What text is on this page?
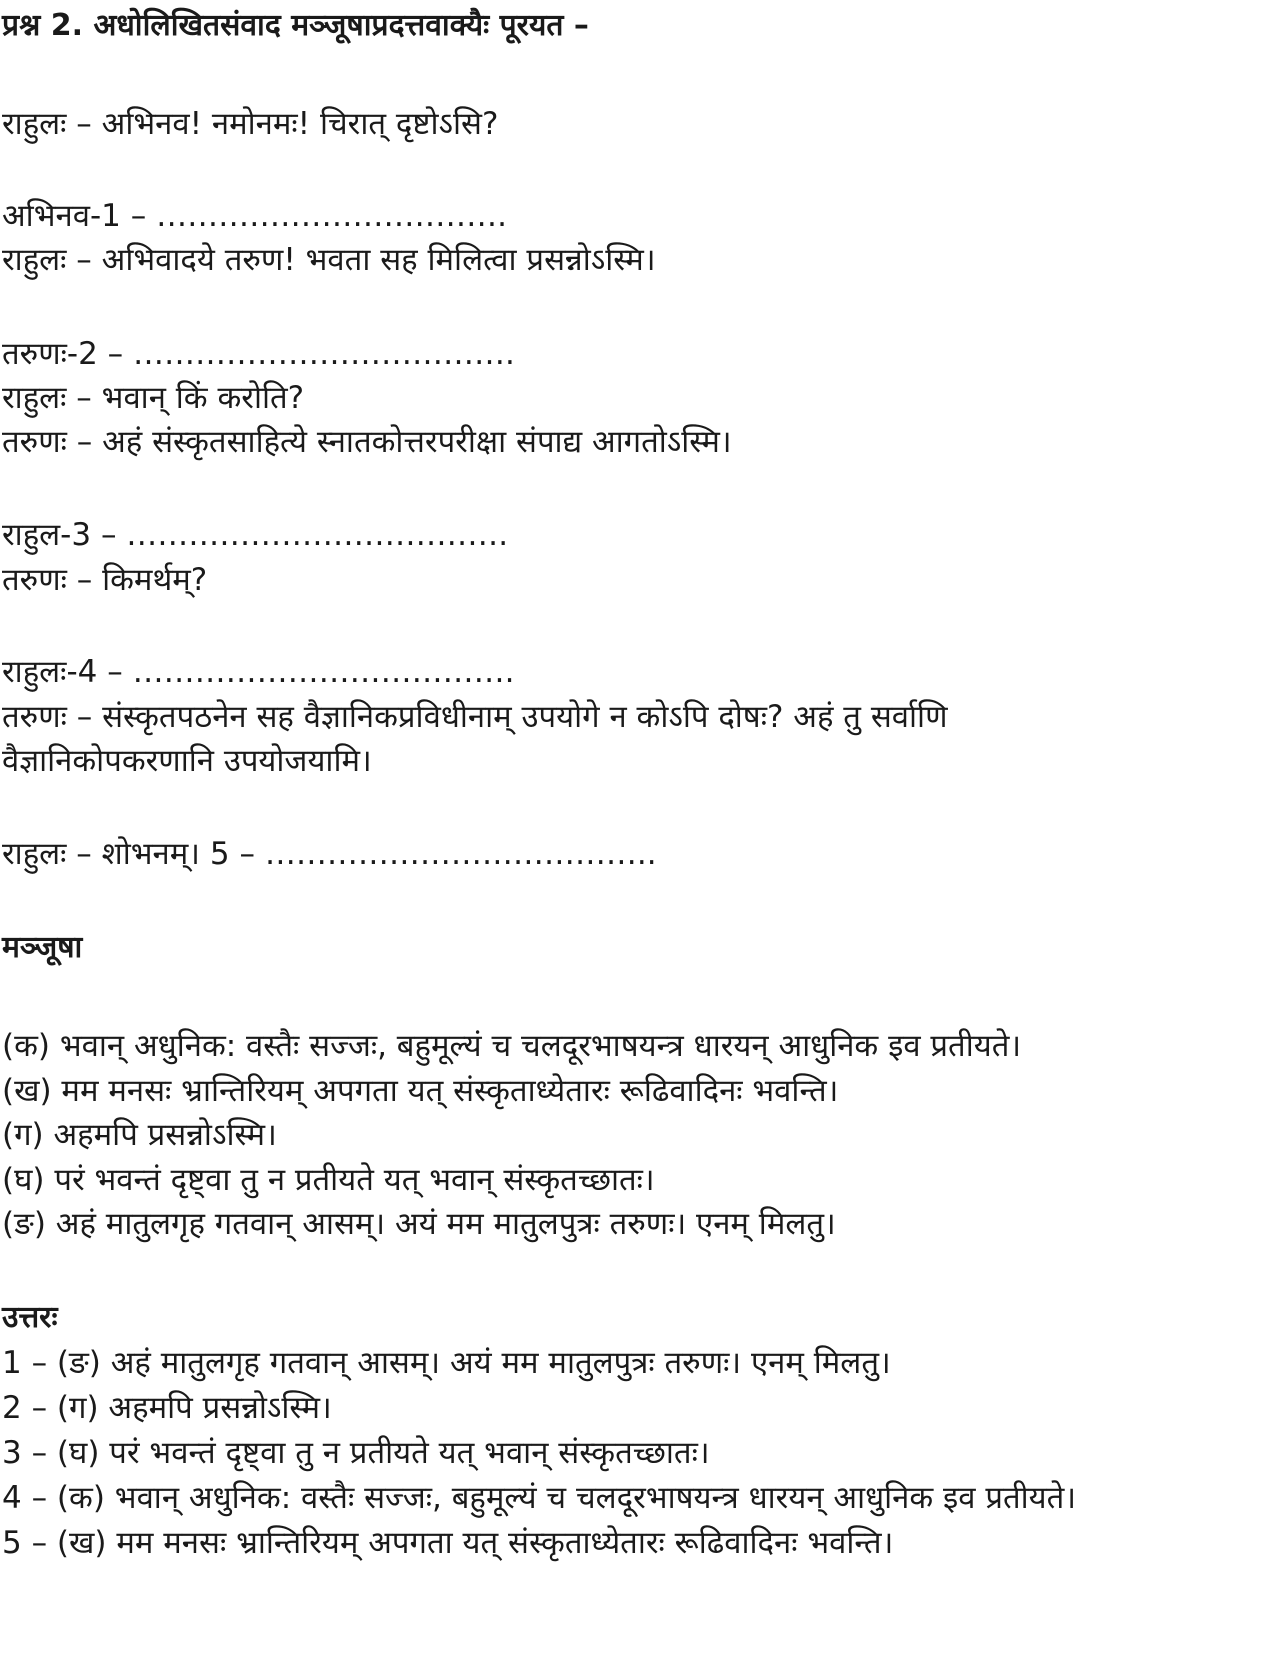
प्रश्न 2. अधोलिखितसंवाद मञ्जूषाप्रदत्तवाक्यैः पूरयत –
राहुलः – अभिनव! नमोनमः! चिरात् दृष्टोऽसि?
अभिनव-1 – …………………………….
राहुलः – अभिवादये तरुण! भवता सह मिलित्वा प्रसन्नोऽस्मि।
तरुणः-2 – ……………………………….
राहुलः – भवान् किं करोति?
तरुणः – अहं संस्कृतसाहित्ये स्नातकोत्तरपरीक्षा संपाद्य आगतोऽस्मि।
राहुल-3 – ……………………………….
तरुणः – किमर्थम्?
राहुलः-4 – ……………………………….
तरुणः – संस्कृतपठनेन सह वैज्ञानिकप्रविधीनाम् उपयोगे न कोऽपि दोषः? अहं तु सर्वाणि
वैज्ञानिकोपकरणानि उपयोजयामि।
राहुलः – शोभनम्। 5 – ………………………………..
मञ्जूषा
(क) भवान् अधुनिक: वस्तैः सज्जः, बहुमूल्यं च चलदूरभाषयन्त्र धारयन् आधुनिक इव प्रतीयते।
(ख) मम मनसः भ्रान्तिरियम् अपगता यत् संस्कृताध्येतारः रूढिवादिनः भवन्ति।
(ग) अहमपि प्रसन्नोऽस्मि।
(घ) परं भवन्तं दृष्ट्वा तु न प्रतीयते यत् भवान् संस्कृतच्छातः।
(ङ) अहं मातुलगृह गतवान् आसम्। अयं मम मातुलपुत्रः तरुणः। एनम् मिलतु।
उत्तरः
1 – (ङ) अहं मातुलगृह गतवान् आसम्। अयं मम मातुलपुत्रः तरुणः। एनम् मिलतु।
2 – (ग) अहमपि प्रसन्नोऽस्मि।
3 – (घ) परं भवन्तं दृष्ट्वा तु न प्रतीयते यत् भवान् संस्कृतच्छातः।
4 – (क) भवान् अधुनिक: वस्तैः सज्जः, बहुमूल्यं च चलदूरभाषयन्त्र धारयन् आधुनिक इव प्रतीयते।
5 – (ख) मम मनसः भ्रान्तिरियम् अपगता यत् संस्कृताध्येतारः रूढिवादिनः भवन्ति।
